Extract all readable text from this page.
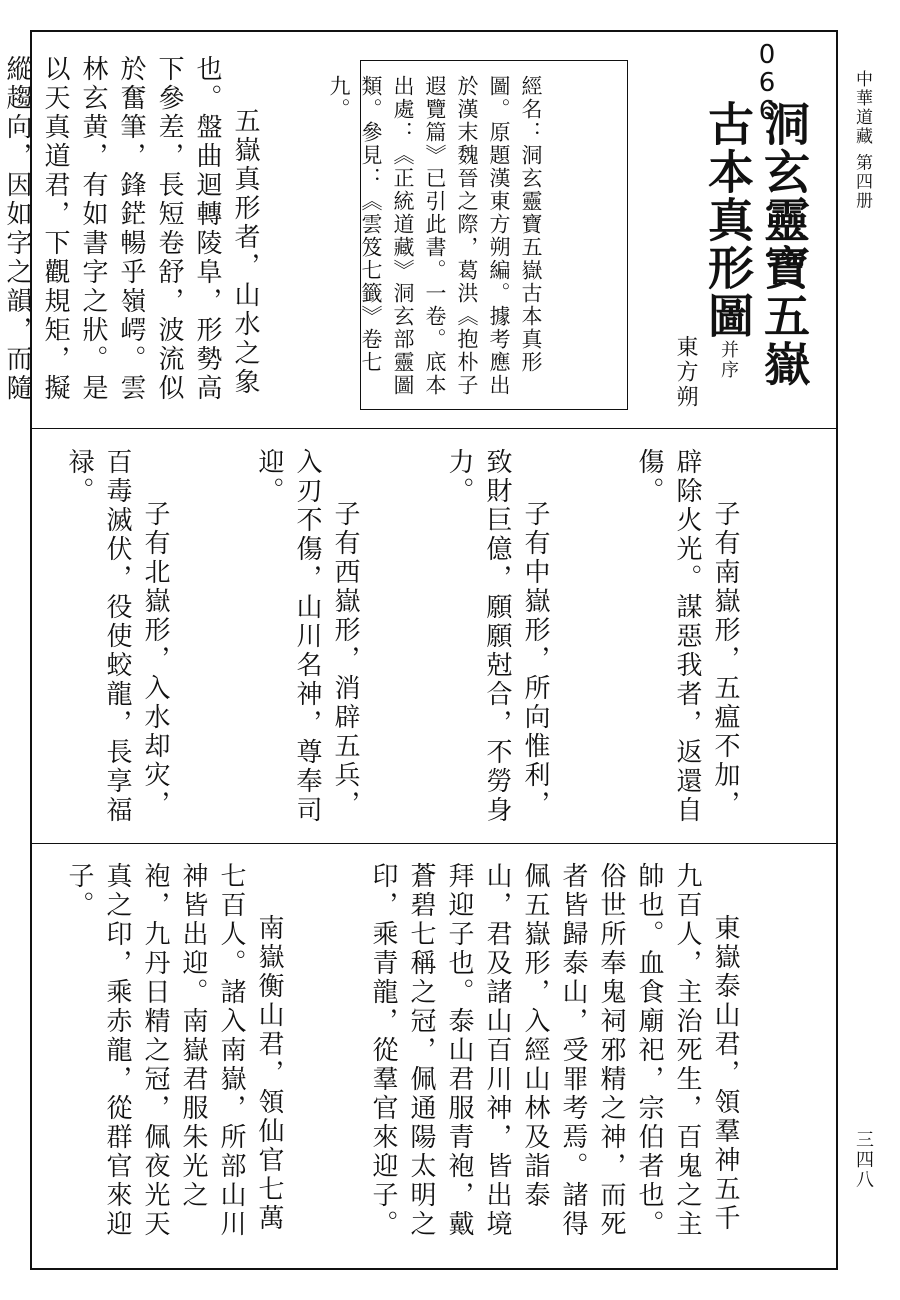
中華道藏 第四册
三四八
066
洞玄靈寶五嶽古本真形圖并序
東方朔

經名：洞玄靈寶五嶽古本真形圖。原題漢東方朔編。據考應出於漢末魏晉之際，葛洪《抱朴子遐覽篇》已引此書。一卷。底本出處：《正統道藏》洞玄部靈圖類。參見：《雲笈七籤》卷七九。

五嶽真形者，山水之象也。盤曲迴轉陵阜，形勢高下參差，長短卷舒，波流似於奮筆，鋒鋩暢乎嶺崿。雲林玄黄，有如書字之狀。是以天真道君，下觀規矩，擬縱趨向，因如字之韻，而隨

子有南嶽形，五瘟不加，辟除火光。謀惡我者，返還自傷。

子有中嶽形，所向惟利，致財巨億，願願尅合，不勞身力。

子有西嶽形，消辟五兵，入刃不傷，山川名神，尊奉司迎。

子有北嶽形，入水却灾，百毒滅伏，役使蛟龍，長享福禄。

東嶽泰山君，領羣神五千九百人，主治死生，百鬼之主帥也。血食廟祀，宗伯者也。俗世所奉鬼祠邪精之神，而死者皆歸泰山，受罪考焉。諸得佩五嶽形，入經山林及詣泰山，君及諸山百川神，皆出境拜迎子也。泰山君服青袍，戴蒼碧七稱之冠，佩通陽太明之印，乘青龍，從羣官來迎子。

南嶽衡山君，領仙官七萬七百人。諸入南嶽，所部山川神皆出迎。南嶽君服朱光之袍，九丹日精之冠，佩夜光天真之印，乘赤龍，從群官來迎子。
